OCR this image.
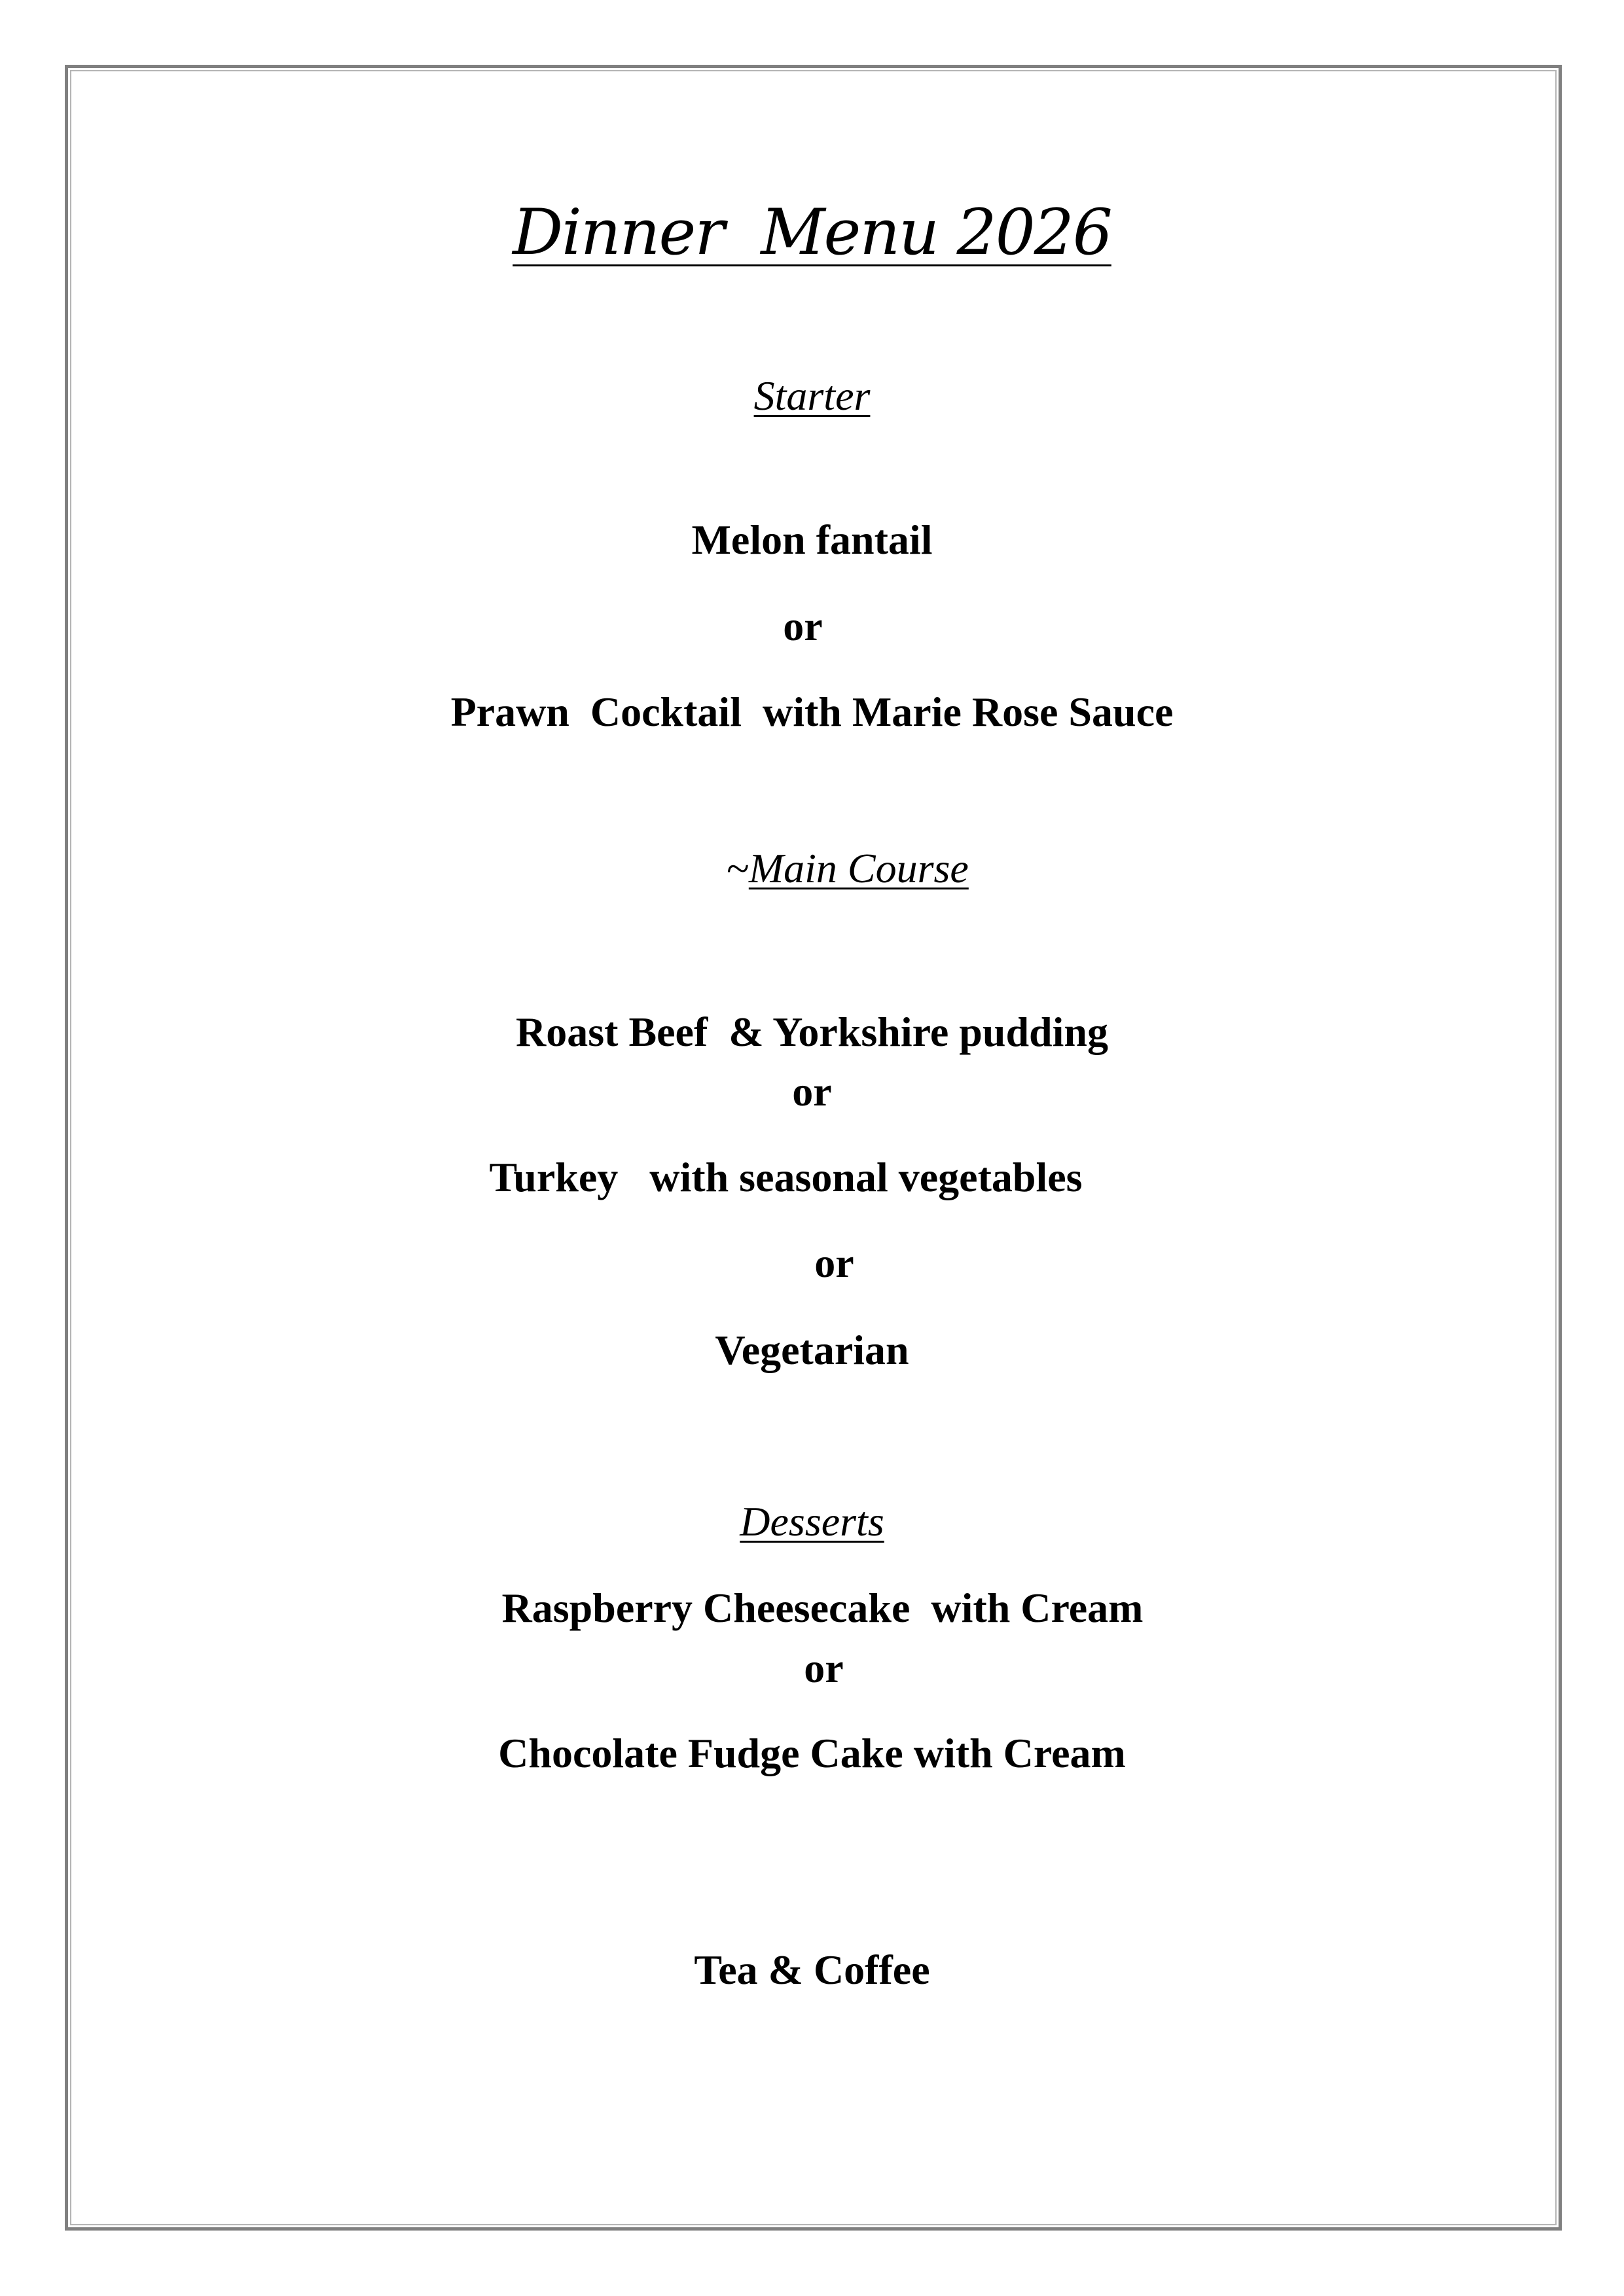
Dinner  Menu 2026
Starter
Melon fantail
or
Prawn  Cocktail  with Marie Rose Sauce

~Main Course

Roast Beef  & Yorkshire pudding
or
Turkey   with seasonal vegetables
or
Vegetarian
Desserts
Raspberry Cheesecake  with Cream
or
Chocolate Fudge Cake with Cream
Tea & Coffee
